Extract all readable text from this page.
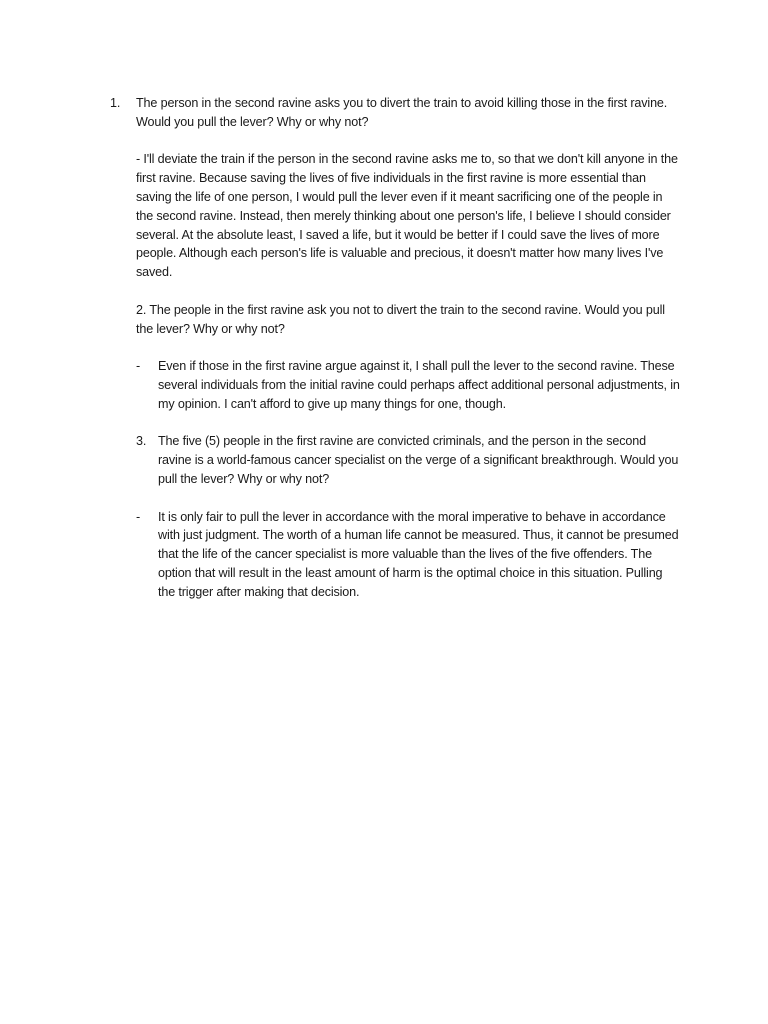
1.	The person in the second ravine asks you to divert the train to avoid killing those in the first ravine. Would you pull the lever? Why or why not?

- I'll deviate the train if the person in the second ravine asks me to, so that we don't kill anyone in the first ravine. Because saving the lives of five individuals in the first ravine is more essential than saving the life of one person, I would pull the lever even if it meant sacrificing one of the people in the second ravine. Instead, then merely thinking about one person's life, I believe I should consider several. At the absolute least, I saved a life, but it would be better if I could save the lives of more people. Although each person's life is valuable and precious, it doesn't matter how many lives I've saved.

2. The people in the first ravine ask you not to divert the train to the second ravine. Would you pull the lever? Why or why not?

-	Even if those in the first ravine argue against it, I shall pull the lever to the second ravine. These several individuals from the initial ravine could perhaps affect additional personal adjustments, in my opinion. I can't afford to give up many things for one, though.

3. The five (5) people in the first ravine are convicted criminals, and the person in the second ravine is a world-famous cancer specialist on the verge of a significant breakthrough. Would you pull the lever? Why or why not?

-	It is only fair to pull the lever in accordance with the moral imperative to behave in accordance with just judgment. The worth of a human life cannot be measured. Thus, it cannot be presumed that the life of the cancer specialist is more valuable than the lives of the five offenders. The option that will result in the least amount of harm is the optimal choice in this situation. Pulling the trigger after making that decision.
